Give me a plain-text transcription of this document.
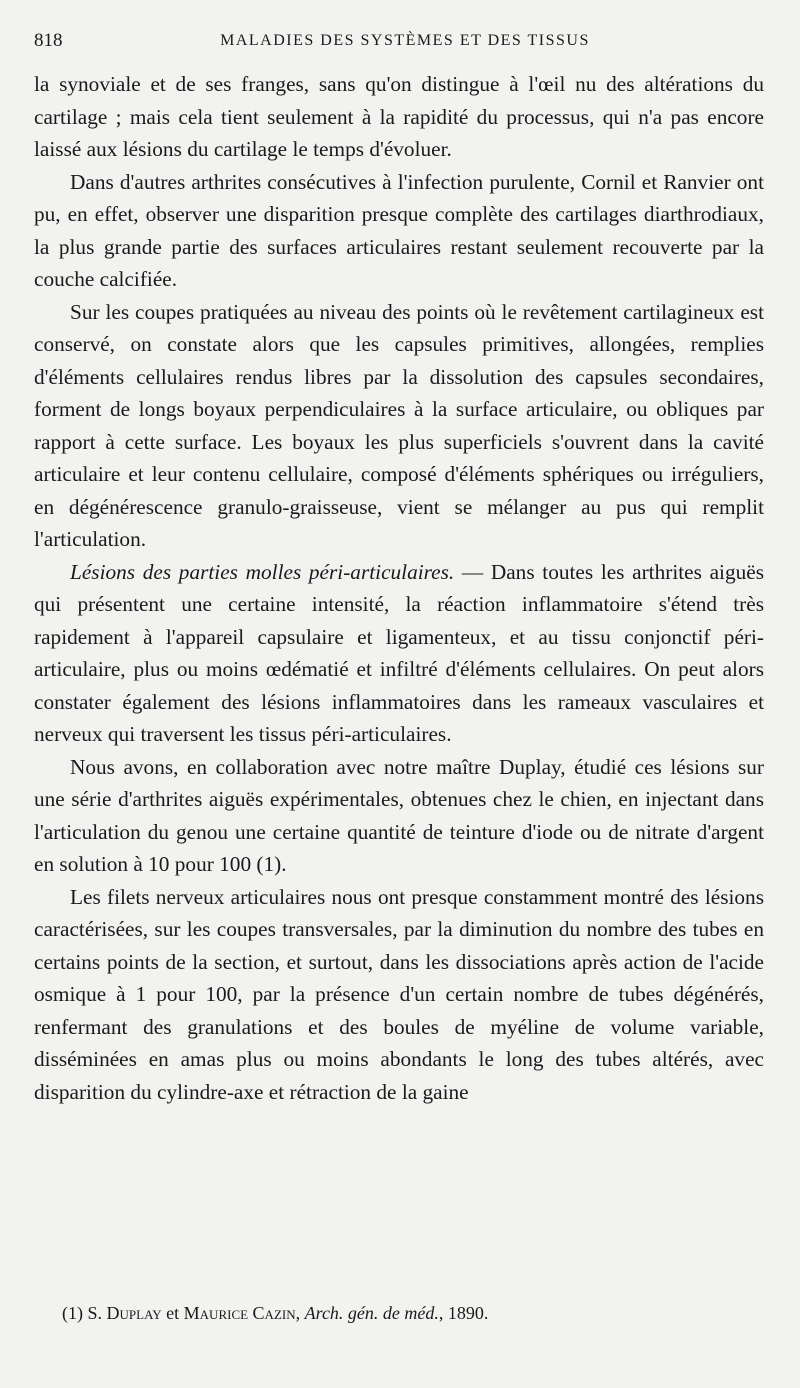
818	MALADIES DES SYSTÈMES ET DES TISSUS

la synoviale et de ses franges, sans qu'on distingue à l'œil nu des altérations du cartilage ; mais cela tient seulement à la rapidité du processus, qui n'a pas encore laissé aux lésions du cartilage le temps d'évoluer.

Dans d'autres arthrites consécutives à l'infection purulente, Cornil et Ranvier ont pu, en effet, observer une disparition presque complète des cartilages diarthrodiaux, la plus grande partie des surfaces articulaires restant seulement recouverte par la couche calcifiée.

Sur les coupes pratiquées au niveau des points où le revêtement cartilagineux est conservé, on constate alors que les capsules primitives, allongées, remplies d'éléments cellulaires rendus libres par la dissolution des capsules secondaires, forment de longs boyaux perpendiculaires à la surface articulaire, ou obliques par rapport à cette surface. Les boyaux les plus superficiels s'ouvrent dans la cavité articulaire et leur contenu cellulaire, composé d'éléments sphériques ou irréguliers, en dégénérescence granulo-graisseuse, vient se mélanger au pus qui remplit l'articulation.

Lésions des parties molles péri-articulaires. — Dans toutes les arthrites aiguës qui présentent une certaine intensité, la réaction inflammatoire s'étend très rapidement à l'appareil capsulaire et ligamenteux, et au tissu conjonctif péri-articulaire, plus ou moins œdématié et infiltré d'éléments cellulaires. On peut alors constater également des lésions inflammatoires dans les rameaux vasculaires et nerveux qui traversent les tissus péri-articulaires.

Nous avons, en collaboration avec notre maître Duplay, étudié ces lésions sur une série d'arthrites aiguës expérimentales, obtenues chez le chien, en injectant dans l'articulation du genou une certaine quantité de teinture d'iode ou de nitrate d'argent en solution à 10 pour 100 (1).

Les filets nerveux articulaires nous ont presque constamment montré des lésions caractérisées, sur les coupes transversales, par la diminution du nombre des tubes en certains points de la section, et surtout, dans les dissociations après action de l'acide osmique à 1 pour 100, par la présence d'un certain nombre de tubes dégénérés, renfermant des granulations et des boules de myéline de volume variable, disséminées en amas plus ou moins abondants le long des tubes altérés, avec disparition du cylindre-axe et rétraction de la gaine

(1) S. Duplay et Maurice Cazin, Arch. gén. de méd., 1890.
